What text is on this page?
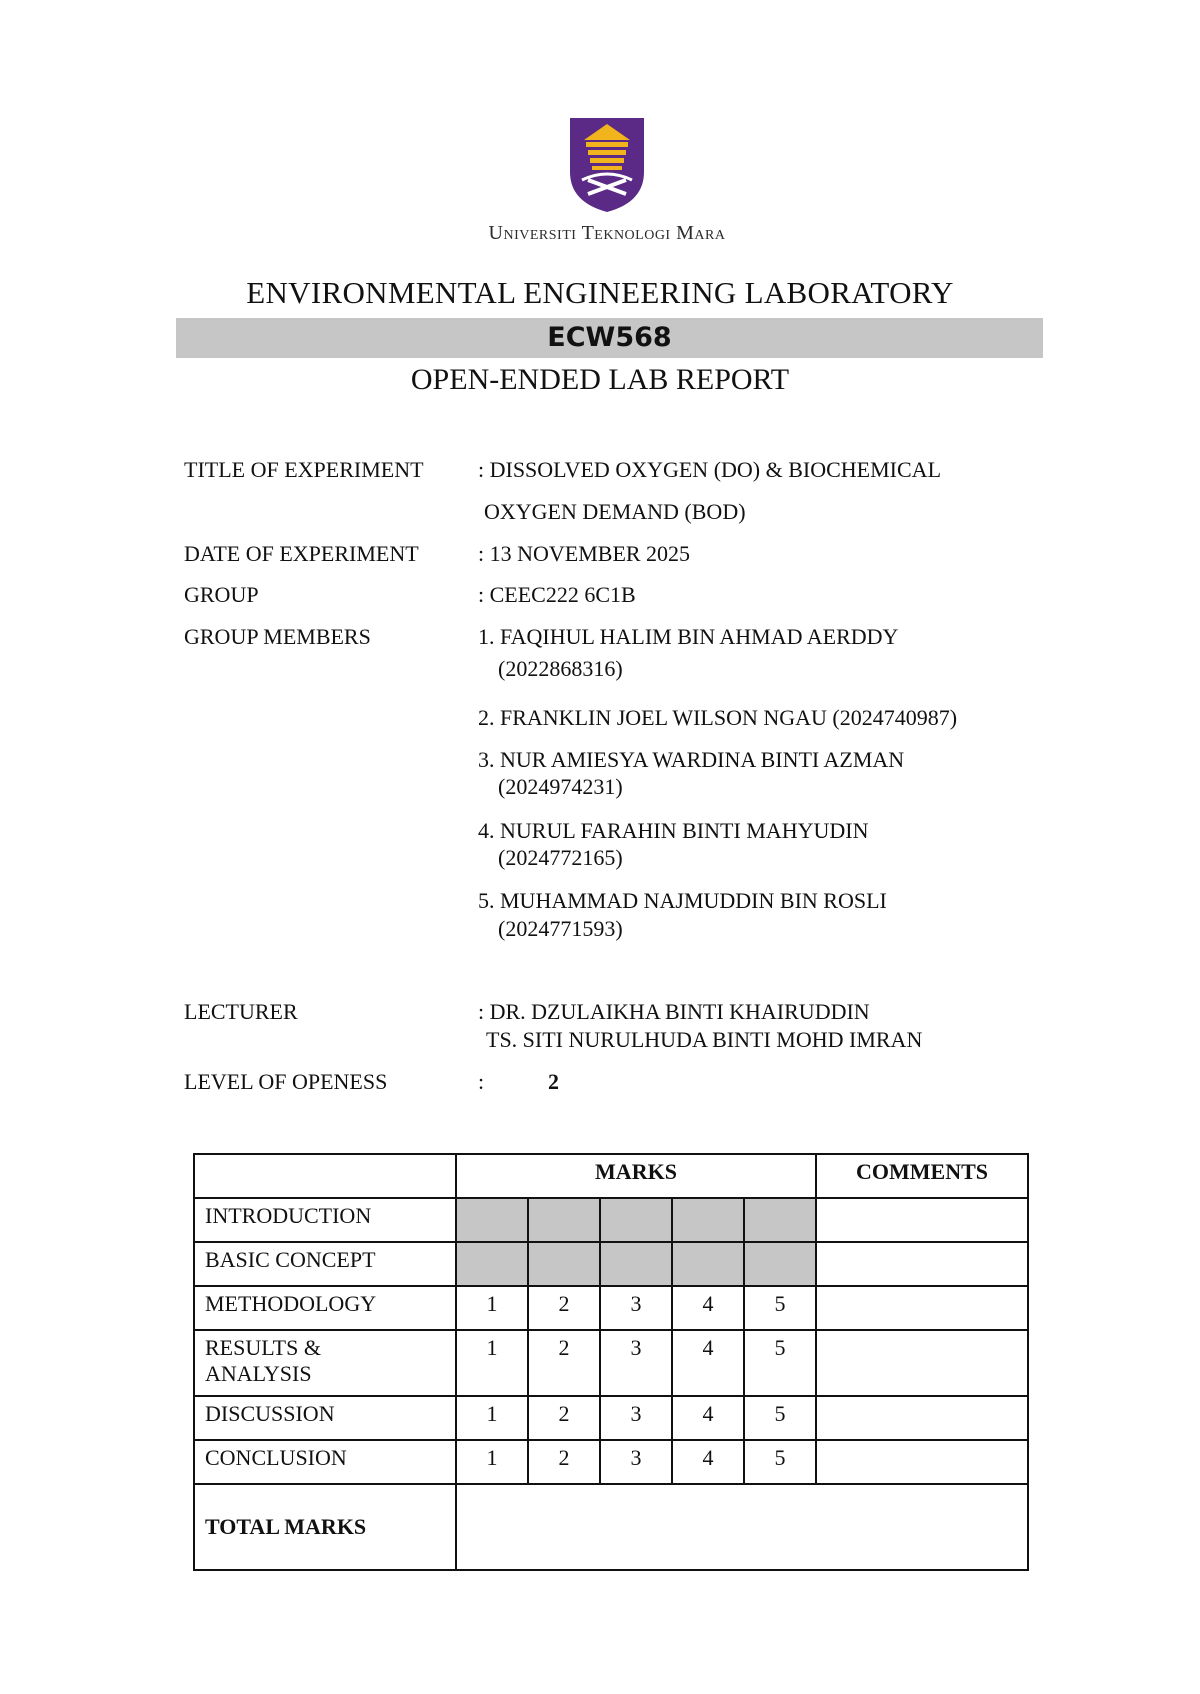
Universiti Teknologi Mara
ENVIRONMENTAL ENGINEERING LABORATORY
ECW568
OPEN-ENDED LAB REPORT
TITLE OF EXPERIMENT : DISSOLVED OXYGEN (DO) & BIOCHEMICAL
OXYGEN DEMAND (BOD)
DATE OF EXPERIMENT	: 13 NOVEMBER 2025
GROUP	: CEEC222 6C1B
GROUP MEMBERS	1. FAQIHUL HALIM BIN AHMAD AERDDY
(2022868316)
2. FRANKLIN JOEL WILSON NGAU (2024740987)
3. NUR AMIESYA WARDINA BINTI AZMAN
(2024974231)
4. NURUL FARAHIN BINTI MAHYUDIN
(2024772165)
5. MUHAMMAD NAJMUDDIN BIN ROSLI
(2024771593)
LECTURER	: DR. DZULAIKHA BINTI KHAIRUDDIN
TS. SITI NURULHUDA BINTI MOHD IMRAN
LEVEL OF OPENESS	:	2
	MARKS					COMMENTS
INTRODUCTION						
BASIC CONCEPT						
METHODOLOGY	1	2	3	4	5	

RESULTS &
ANALYSIS	1	2	3	4	5	
DISCUSSION	1	2	3	4	5	
CONCLUSION	1	2	3	4	5	
TOTAL MARKS						
